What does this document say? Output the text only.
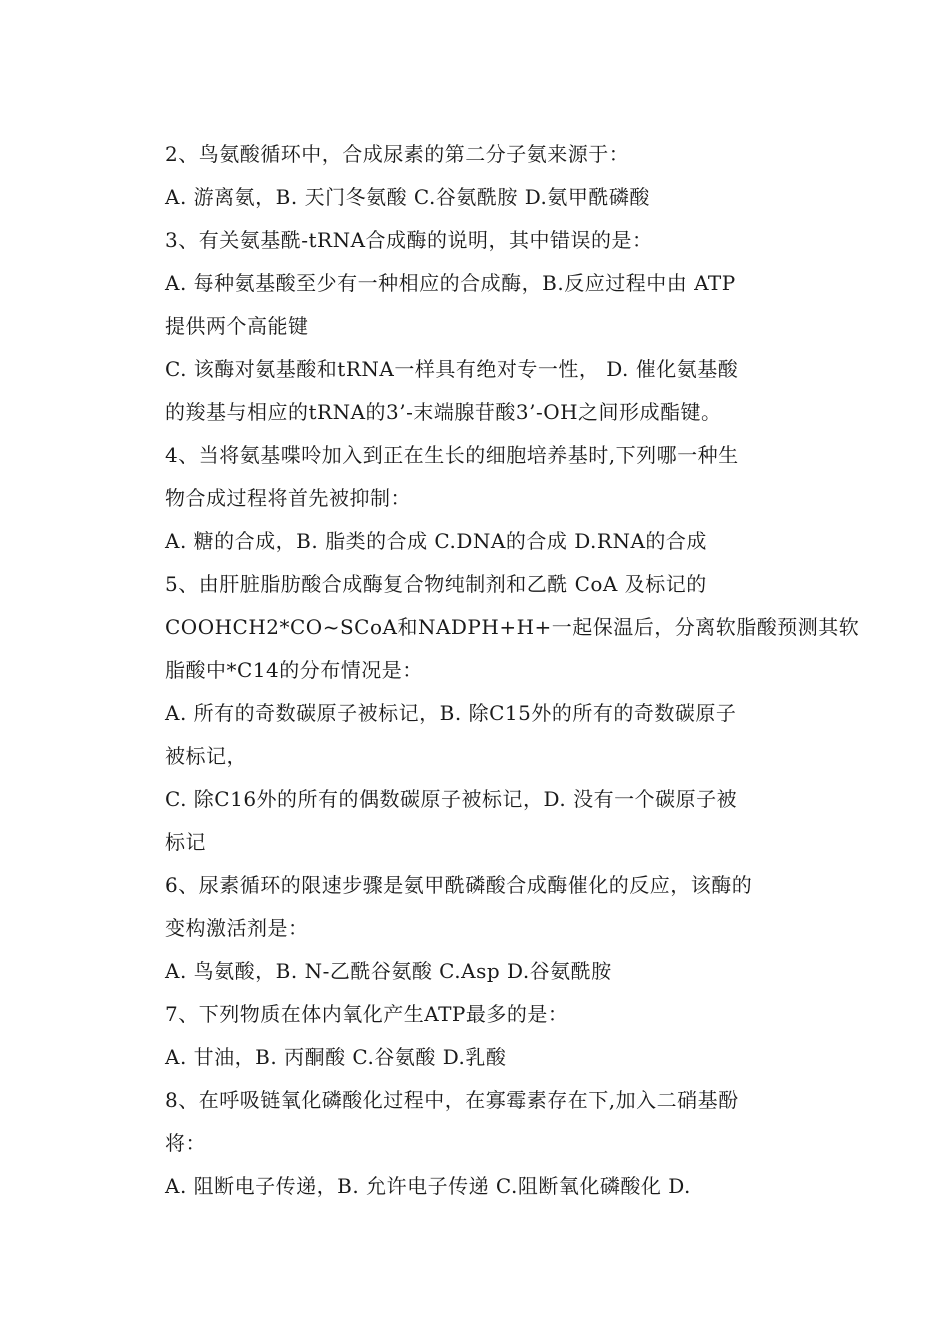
2、鸟氨酸循环中，合成尿素的第二分子氨来源于：
A. 游离氨，B. 天门冬氨酸 C.谷氨酰胺 D.氨甲酰磷酸
3、有关氨基酰-tRNA合成酶的说明，其中错误的是：
A. 每种氨基酸至少有一种相应的合成酶，B.反应过程中由 ATP
提供两个高能键
C. 该酶对氨基酸和tRNA一样具有绝对专一性， D. 催化氨基酸
的羧基与相应的tRNA的3’-末端腺苷酸3’-OH之间形成酯键。
4、当将氨基喋呤加入到正在生长的细胞培养基时,下列哪一种生
物合成过程将首先被抑制：
A. 糖的合成，B. 脂类的合成 C.DNA的合成 D.RNA的合成
5、由肝脏脂肪酸合成酶复合物纯制剂和乙酰 CoA 及标记的
COOHCH2*CO~SCoA和NADPH+H+一起保温后，分离软脂酸预测其软
脂酸中*C14的分布情况是：
A. 所有的奇数碳原子被标记，B. 除C15外的所有的奇数碳原子
被标记，
C. 除C16外的所有的偶数碳原子被标记，D. 没有一个碳原子被
标记
6、尿素循环的限速步骤是氨甲酰磷酸合成酶催化的反应，该酶的
变构激活剂是：
A. 鸟氨酸，B. N-乙酰谷氨酸 C.Asp D.谷氨酰胺
7、下列物质在体内氧化产生ATP最多的是：
A. 甘油，B. 丙酮酸 C.谷氨酸 D.乳酸
8、在呼吸链氧化磷酸化过程中，在寡霉素存在下,加入二硝基酚
将：
A. 阻断电子传递，B. 允许电子传递 C.阻断氧化磷酸化 D.
